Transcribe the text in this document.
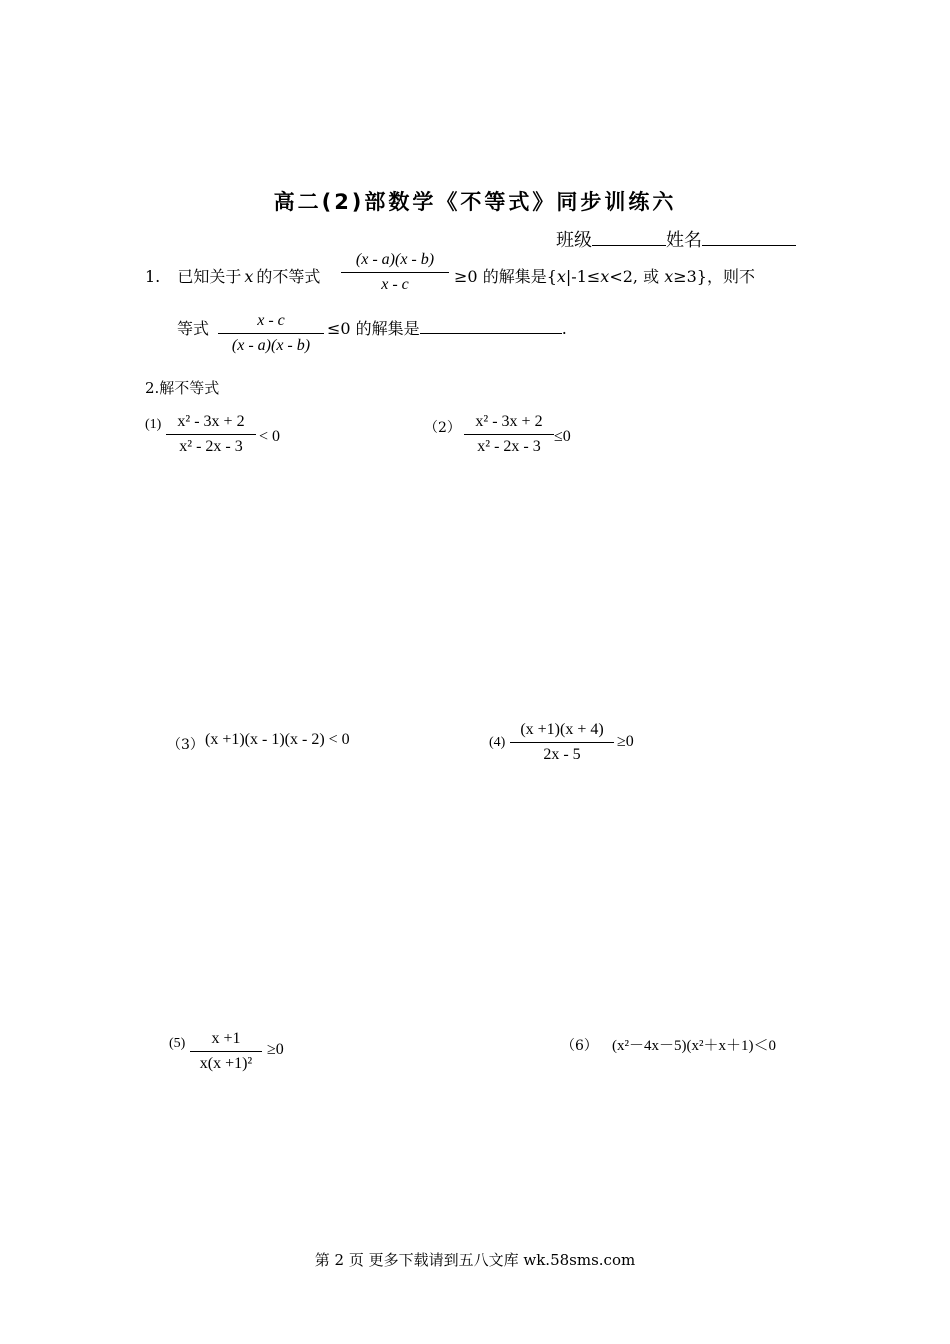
高二(2)部数学《不等式》同步训练六
班级	姓名
1. 已知关于 x 的不等式
(x - a)(x - b)
x - c	≥0 的解集是{x|-1≤x<2, 或 x≥3}，则不
等式	x - c
(x - a)(x - b)
≤0 的解集是	.
2.解不等式
(1)	x² - 3x + 2
x² - 2x - 3
< 0	（2） x² - 3x + 2
x² - 2x - 3
≤0
（3） (x +1)(x - 1)(x - 2) < 0	(4)
(x +1)(x + 4)
2x - 5
≥0
(5)	x +1
x(x +1)²
≥0	（6） (x²－4x－5)(x²＋x＋1)＜0
第 2 页 更多下载请到五八文库 wk.58sms.com
